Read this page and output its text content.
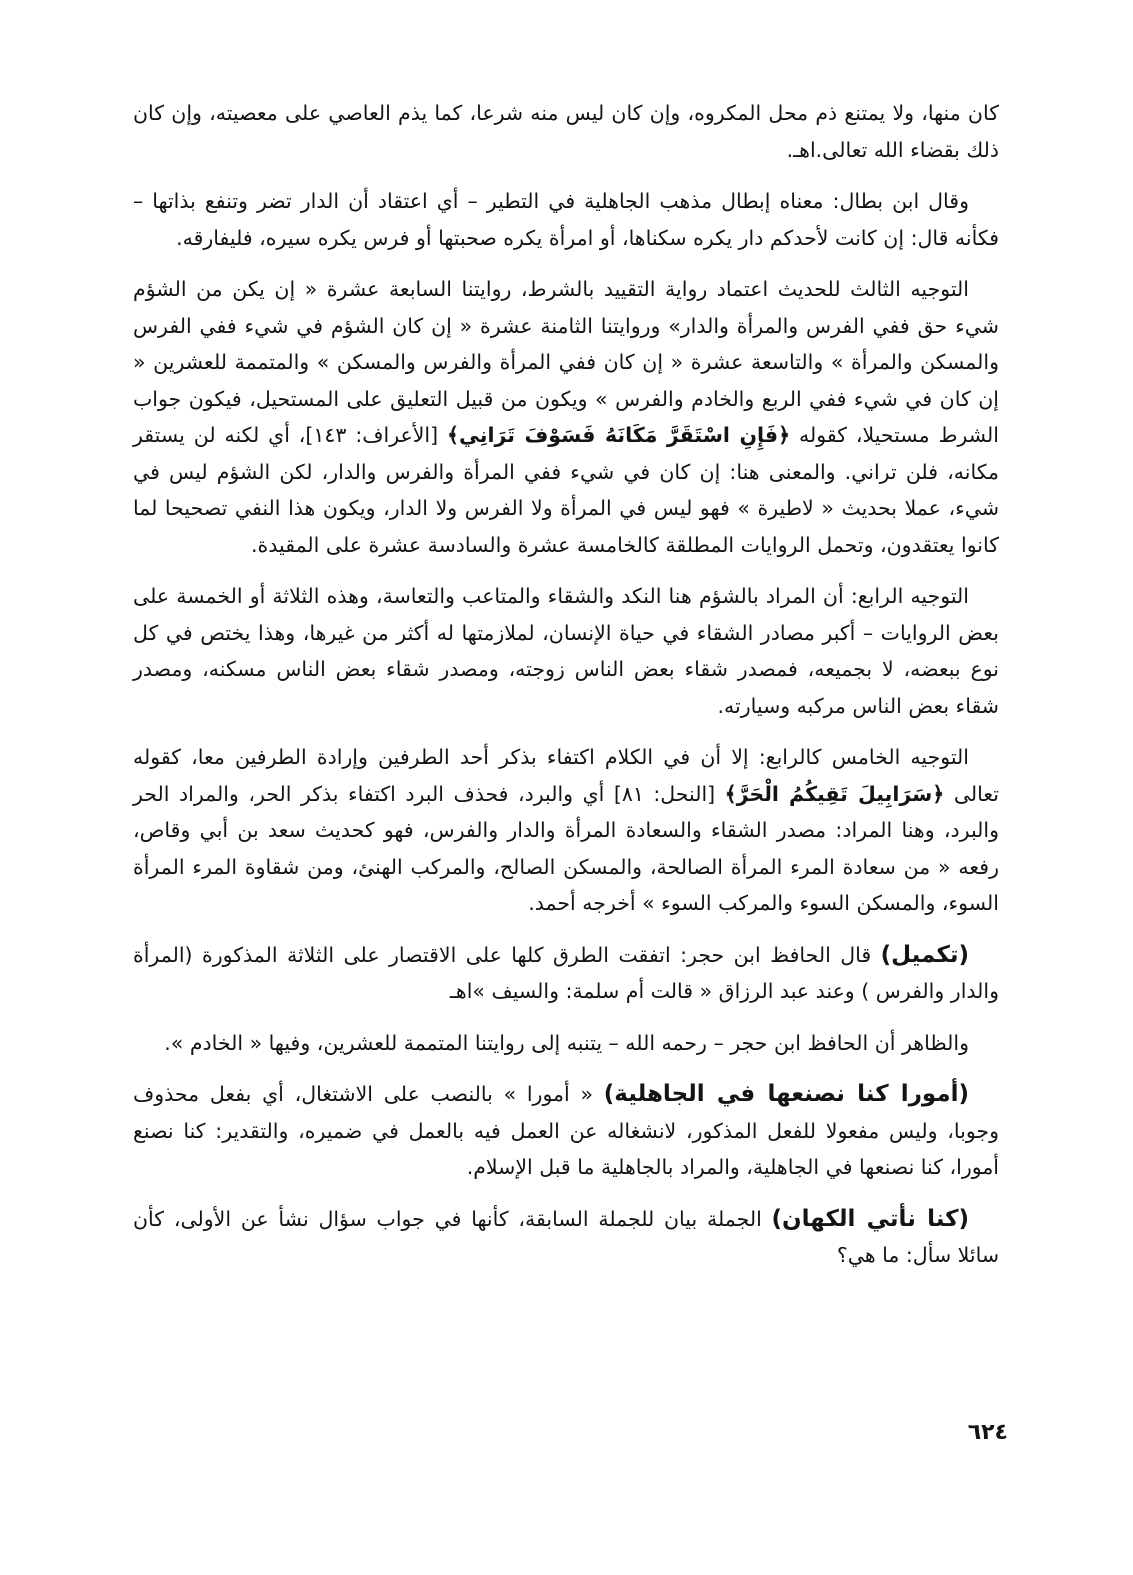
كان منها، ولا يمتنع ذم محل المكروه، وإن كان ليس منه شرعا، كما يذم العاصي على معصيته، وإن كان ذلك بقضاء الله تعالى.اهـ.

وقال ابن بطال: معناه إبطال مذهب الجاهلية في التطير – أي اعتقاد أن الدار تضر وتنفع بذاتها – فكأنه قال: إن كانت لأحدكم دار يكره سكناها، أو امرأة يكره صحبتها أو فرس يكره سيره، فليفارقه.

التوجيه الثالث للحديث اعتماد رواية التقييد بالشرط، روايتنا السابعة عشرة « إن يكن من الشؤم شيء حق ففي الفرس والمرأة والدار» وروايتنا الثامنة عشرة « إن كان الشؤم في شيء ففي الفرس والمسكن والمرأة » والتاسعة عشرة « إن كان ففي المرأة والفرس والمسكن » والمتممة للعشرين « إن كان في شيء ففي الربع والخادم والفرس » ويكون من قبيل التعليق على المستحيل، فيكون جواب الشرط مستحيلا، كقوله ﴿فَإِنِ اسْتَقَرَّ مَكَانَهُ فَسَوْفَ تَرَانِي﴾ [الأعراف: ١٤٣]، أي لكنه لن يستقر مكانه، فلن تراني. والمعنى هنا: إن كان في شيء ففي المرأة والفرس والدار، لكن الشؤم ليس في شيء، عملا بحديث « لاطيرة » فهو ليس في المرأة ولا الفرس ولا الدار، ويكون هذا النفي تصحيحا لما كانوا يعتقدون، وتحمل الروايات المطلقة كالخامسة عشرة والسادسة عشرة على المقيدة.

التوجيه الرابع: أن المراد بالشؤم هنا النكد والشقاء والمتاعب والتعاسة، وهذه الثلاثة أو الخمسة على بعض الروايات – أكبر مصادر الشقاء في حياة الإنسان، لملازمتها له أكثر من غيرها، وهذا يختص في كل نوع ببعضه، لا بجميعه، فمصدر شقاء بعض الناس زوجته، ومصدر شقاء بعض الناس مسكنه، ومصدر شقاء بعض الناس مركبه وسيارته.

التوجيه الخامس كالرابع: إلا أن في الكلام اكتفاء بذكر أحد الطرفين وإرادة الطرفين معا، كقوله تعالى ﴿سَرَابِيلَ تَقِيكُمُ الْحَرَّ﴾ [النحل: ٨١] أي والبرد، فحذف البرد اكتفاء بذكر الحر، والمراد الحر والبرد، وهنا المراد: مصدر الشقاء والسعادة المرأة والدار والفرس، فهو كحديث سعد بن أبي وقاص، رفعه « من سعادة المرء المرأة الصالحة، والمسكن الصالح، والمركب الهنئ، ومن شقاوة المرء المرأة السوء، والمسكن السوء والمركب السوء » أخرجه أحمد.

(تكميل) قال الحافظ ابن حجر: اتفقت الطرق كلها على الاقتصار على الثلاثة المذكورة (المرأة والدار والفرس ) وعند عبد الرزاق « قالت أم سلمة: والسيف »اهـ

والظاهر أن الحافظ ابن حجر – رحمه الله – يتنبه إلى روايتنا المتممة للعشرين، وفيها « الخادم ».

(أمورا كنا نصنعها في الجاهلية) « أمورا » بالنصب على الاشتغال، أي بفعل محذوف وجوبا، وليس مفعولا للفعل المذكور، لانشغاله عن العمل فيه بالعمل في ضميره، والتقدير: كنا نصنع أمورا، كنا نصنعها في الجاهلية، والمراد بالجاهلية ما قبل الإسلام.

(كنا نأتي الكهان) الجملة بيان للجملة السابقة، كأنها في جواب سؤال نشأ عن الأولى، كأن سائلا سأل: ما هي؟

٦٢٤
